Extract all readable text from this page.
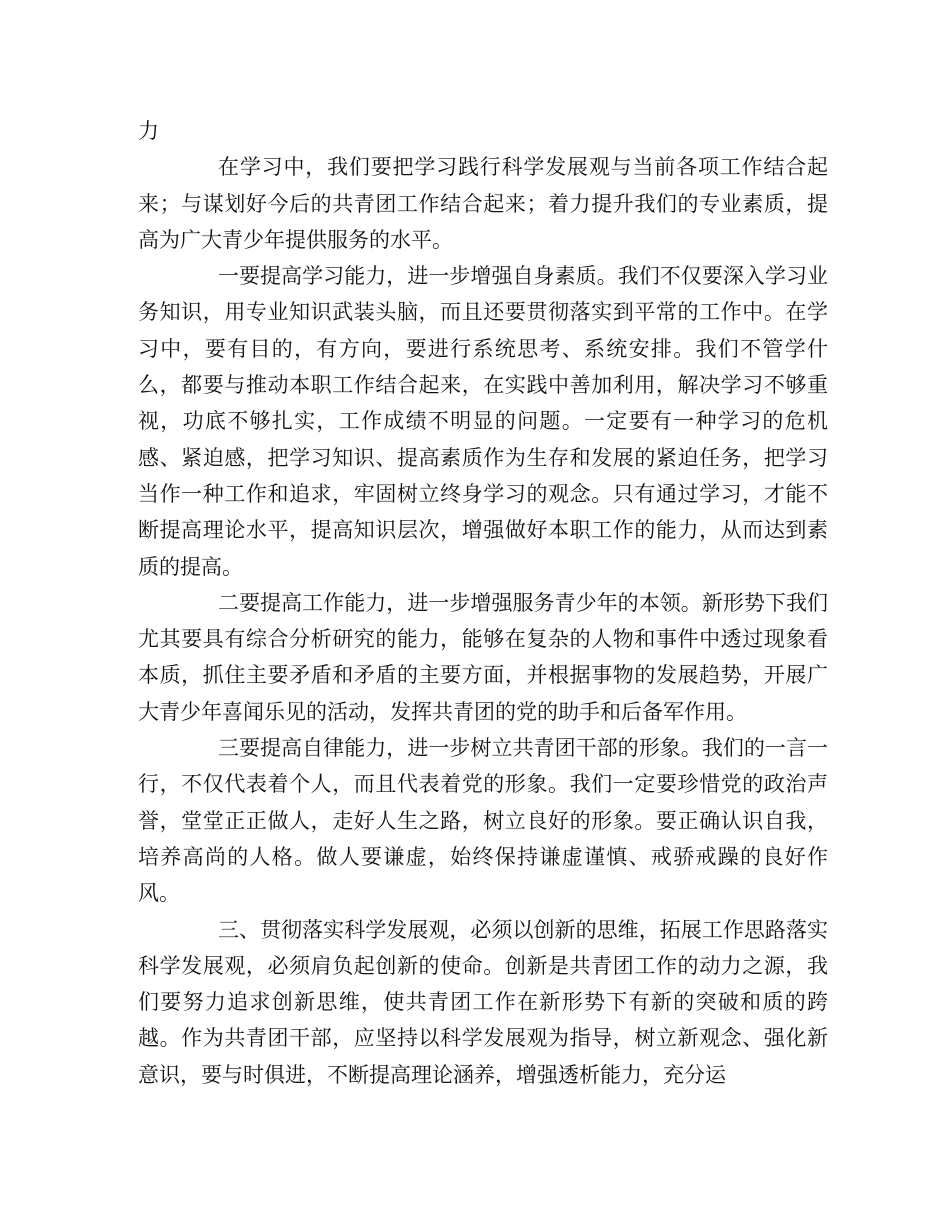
力

在学习中，我们要把学习践行科学发展观与当前各项工作结合起来；与谋划好今后的共青团工作结合起来；着力提升我们的专业素质，提高为广大青少年提供服务的水平。

一要提高学习能力，进一步增强自身素质。我们不仅要深入学习业务知识，用专业知识武装头脑，而且还要贯彻落实到平常的工作中。在学习中，要有目的，有方向，要进行系统思考、系统安排。我们不管学什么，都要与推动本职工作结合起来，在实践中善加利用，解决学习不够重视，功底不够扎实，工作成绩不明显的问题。一定要有一种学习的危机感、紧迫感，把学习知识、提高素质作为生存和发展的紧迫任务，把学习当作一种工作和追求，牢固树立终身学习的观念。只有通过学习，才能不断提高理论水平，提高知识层次，增强做好本职工作的能力，从而达到素质的提高。

二要提高工作能力，进一步增强服务青少年的本领。新形势下我们尤其要具有综合分析研究的能力，能够在复杂的人物和事件中透过现象看本质，抓住主要矛盾和矛盾的主要方面，并根据事物的发展趋势，开展广大青少年喜闻乐见的活动，发挥共青团的党的助手和后备军作用。

三要提高自律能力，进一步树立共青团干部的形象。我们的一言一行，不仅代表着个人，而且代表着党的形象。我们一定要珍惜党的政治声誉，堂堂正正做人，走好人生之路，树立良好的形象。要正确认识自我，培养高尚的人格。做人要谦虚，始终保持谦虚谨慎、戒骄戒躁的良好作风。

三、贯彻落实科学发展观，必须以创新的思维，拓展工作思路落实科学发展观，必须肩负起创新的使命。创新是共青团工作的动力之源，我们要努力追求创新思维，使共青团工作在新形势下有新的突破和质的跨越。作为共青团干部，应坚持以科学发展观为指导，树立新观念、强化新意识，要与时俱进，不断提高理论涵养，增强透析能力，充分运
